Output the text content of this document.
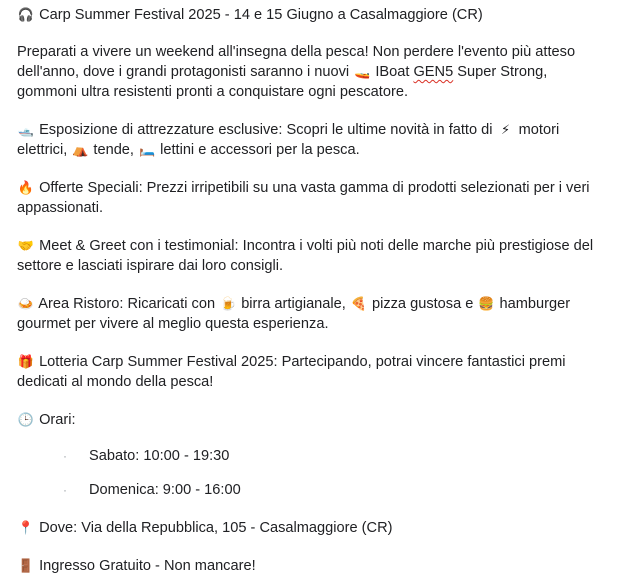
🎧 Carp Summer Festival 2025 - 14 e 15 Giugno a Casalmaggiore (CR)

Preparati a vivere un weekend all'insegna della pesca! Non perdere l'evento più atteso dell'anno, dove i grandi protagonisti saranno i nuovi 🚤 IBoat GEN5 Super Strong, gommoni ultra resistenti pronti a conquistare ogni pescatore.

🛥️ Esposizione di attrezzature esclusive: Scopri le ultime novità in fatto di ⚡ motori elettrici, ⛺ tende, 🛏️ lettini e accessori per la pesca.

🔥 Offerte Speciali: Prezzi irripetibili su una vasta gamma di prodotti selezionati per i veri appassionati.

🤝 Meet & Greet con i testimonial: Incontra i volti più noti delle marche più prestigiose del settore e lasciati ispirare dai loro consigli.

🍛 Area Ristoro: Ricaricati con 🍺 birra artigianale, 🍕 pizza gustosa e 🍔 hamburger gourmet per vivere al meglio questa esperienza.

🎁 Lotteria Carp Summer Festival 2025: Partecipando, potrai vincere fantastici premi dedicati al mondo della pesca!

🕒 Orari:

· Sabato: 10:00 - 19:30
· Domenica: 9:00 - 16:00

📍 Dove: Via della Repubblica, 105 - Casalmaggiore (CR)

🚪 Ingresso Gratuito - Non mancare!
